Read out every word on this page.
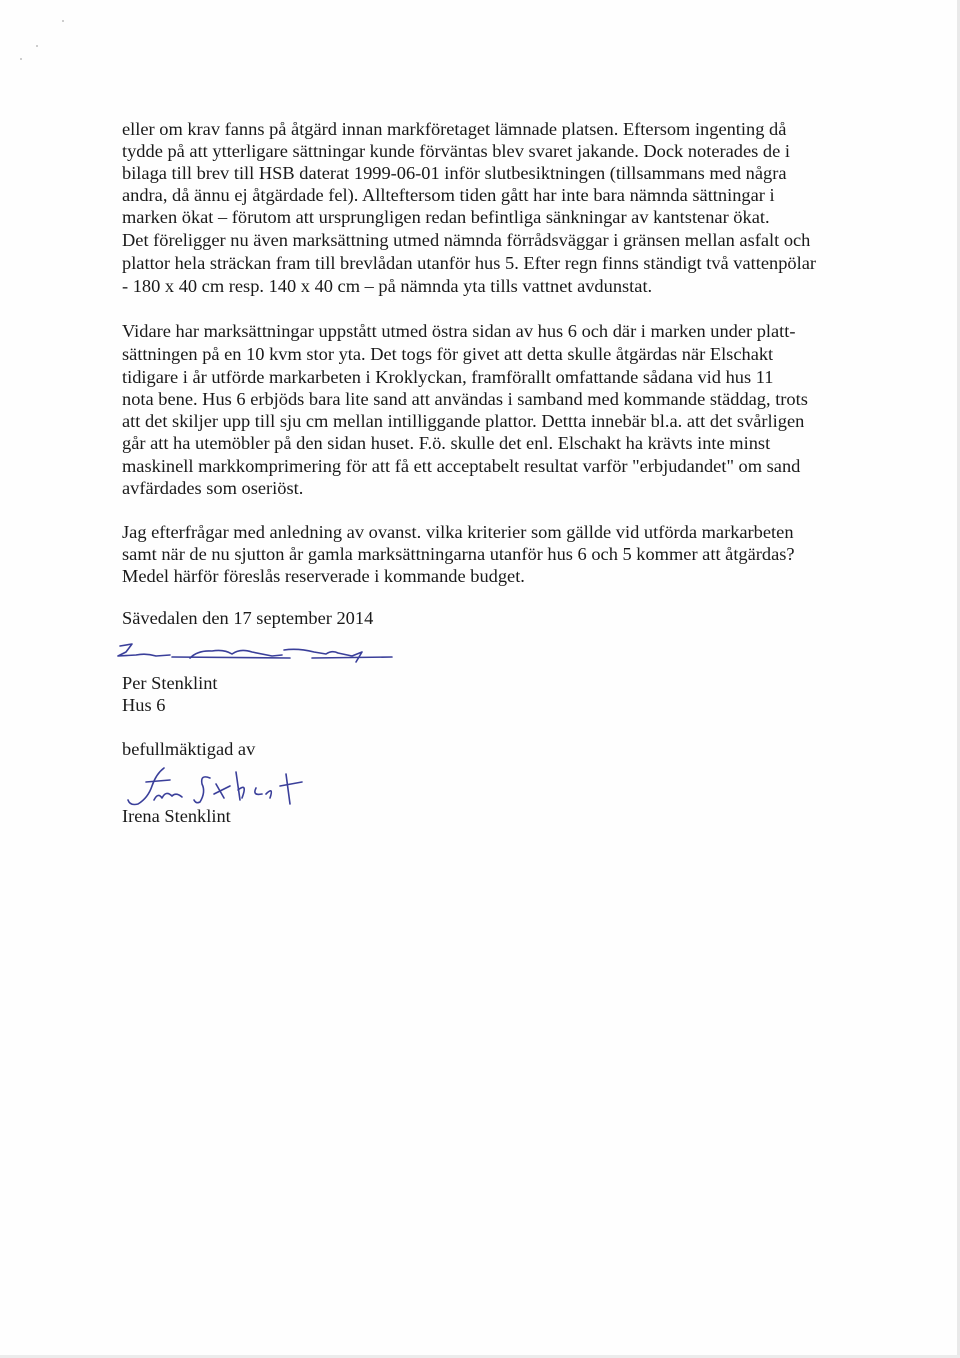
eller om krav fanns på åtgärd innan markföretaget lämnade platsen. Eftersom ingenting då
tydde på att ytterligare sättningar kunde förväntas blev svaret jakande. Dock noterades de i
bilaga till brev till HSB daterat 1999-06-01 inför slutbesiktningen (tillsammans med några
andra, då ännu ej åtgärdade fel). Allteftersom tiden gått har inte bara nämnda sättningar i
marken ökat – förutom att ursprungligen redan befintliga sänkningar av kantstenar ökat.
Det föreligger nu även marksättning utmed nämnda förrådsväggar i gränsen mellan asfalt och
plattor hela sträckan fram till brevlådan utanför hus 5. Efter regn finns ständigt två vattenpölar
- 180 x 40 cm resp. 140 x 40 cm – på nämnda yta tills vattnet avdunstat.
Vidare har marksättningar uppstått utmed östra sidan av hus 6 och där i marken under platt-
sättningen på en 10 kvm stor yta. Det togs för givet att detta skulle åtgärdas när Elschakt
tidigare i år utförde markarbeten i Kroklyckan, framförallt omfattande sådana vid hus 11
nota bene. Hus 6 erbjöds bara lite sand att användas i samband med kommande städdag, trots
att det skiljer upp till sju cm mellan intilliggande plattor. Dettta innebär bl.a. att det svårligen
går att ha utemöbler på den sidan huset. F.ö. skulle det enl. Elschakt ha krävts inte minst
maskinell markkomprimering för att få ett acceptabelt resultat varför "erbjudandet" om sand
avfärdades som oseriöst.
Jag efterfrågar med anledning av ovanst. vilka kriterier som gällde vid utförda markarbeten
samt när de nu sjutton år gamla marksättningarna utanför hus 6 och 5 kommer att åtgärdas?
Medel härför föreslås reserverade i kommande budget.
Sävedalen den 17 september 2014
Per Stenklint
Hus 6
befullmäktigad av
Irena Stenklint
